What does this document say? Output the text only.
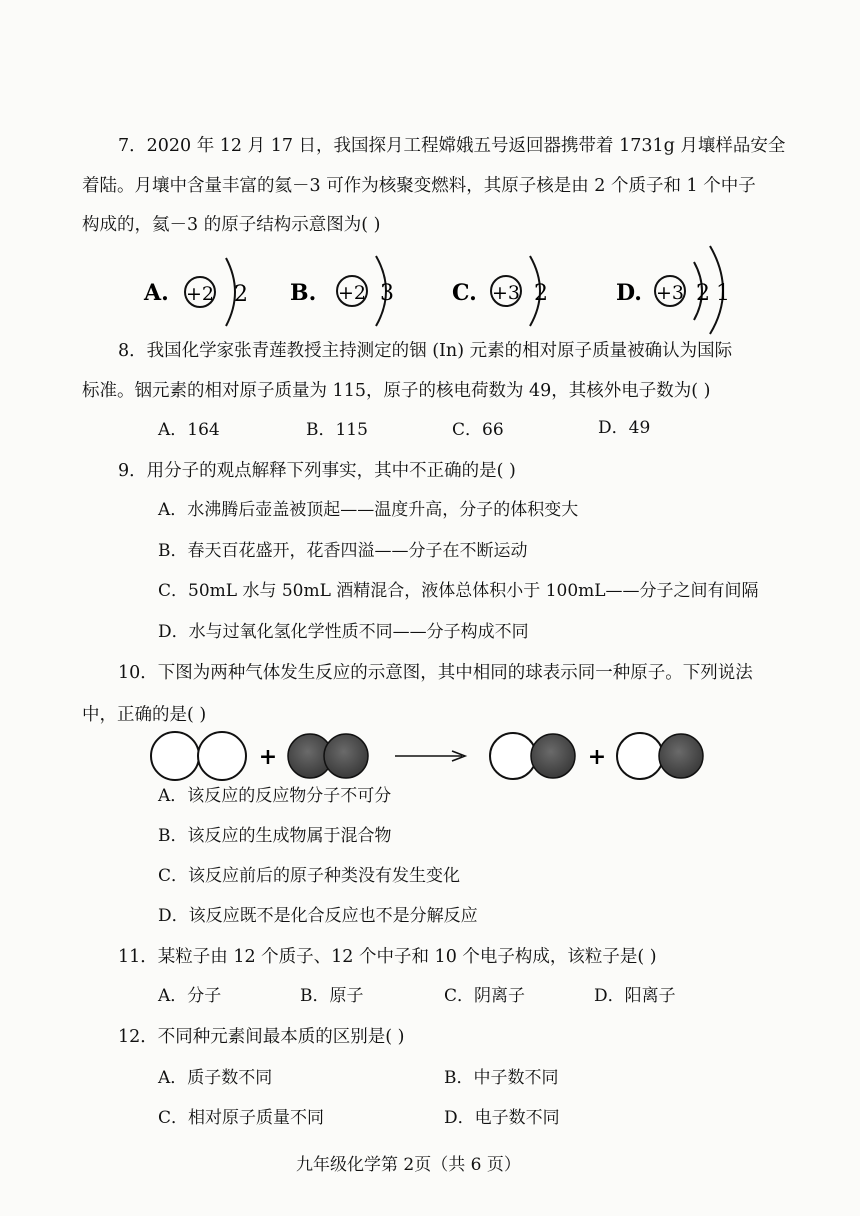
7．2020 年 12 月 17 日，我国探月工程嫦娥五号返回器携带着 1731g 月壤样品安全
着陆。月壤中含量丰富的氦－3 可作为核聚变燃料，其原子核是由 2 个质子和 1 个中子
构成的，氦－3 的原子结构示意图为( )
A. +2 2 B. +2 3	C. +3 2	D. +3 2 1
8．我国化学家张青莲教授主持测定的铟 (In) 元素的相对原子质量被确认为国际
标准。铟元素的相对原子质量为 115，原子的核电荷数为 49，其核外电子数为( )
A．164	B．115	C．66	D．49
9．用分子的观点解释下列事实，其中不正确的是( )
A．水沸腾后壶盖被顶起——温度升高，分子的体积变大
B．春天百花盛开，花香四溢——分子在不断运动
C．50mL 水与 50mL 酒精混合，液体总体积小于 100mL——分子之间有间隔
D．水与过氧化氢化学性质不同——分子构成不同
10．下图为两种气体发生反应的示意图，其中相同的球表示同一种原子。下列说法
中，正确的是( )
+	+
A．该反应的反应物分子不可分
B．该反应的生成物属于混合物
C．该反应前后的原子种类没有发生变化
D．该反应既不是化合反应也不是分解反应
11．某粒子由 12 个质子、12 个中子和 10 个电子构成，该粒子是( )
A．分子	B．原子	C．阴离子	D．阳离子
12．不同种元素间最本质的区别是( )
A．质子数不同	B．中子数不同
C．相对原子质量不同	D．电子数不同
九年级化学第 2页（共 6 页）
